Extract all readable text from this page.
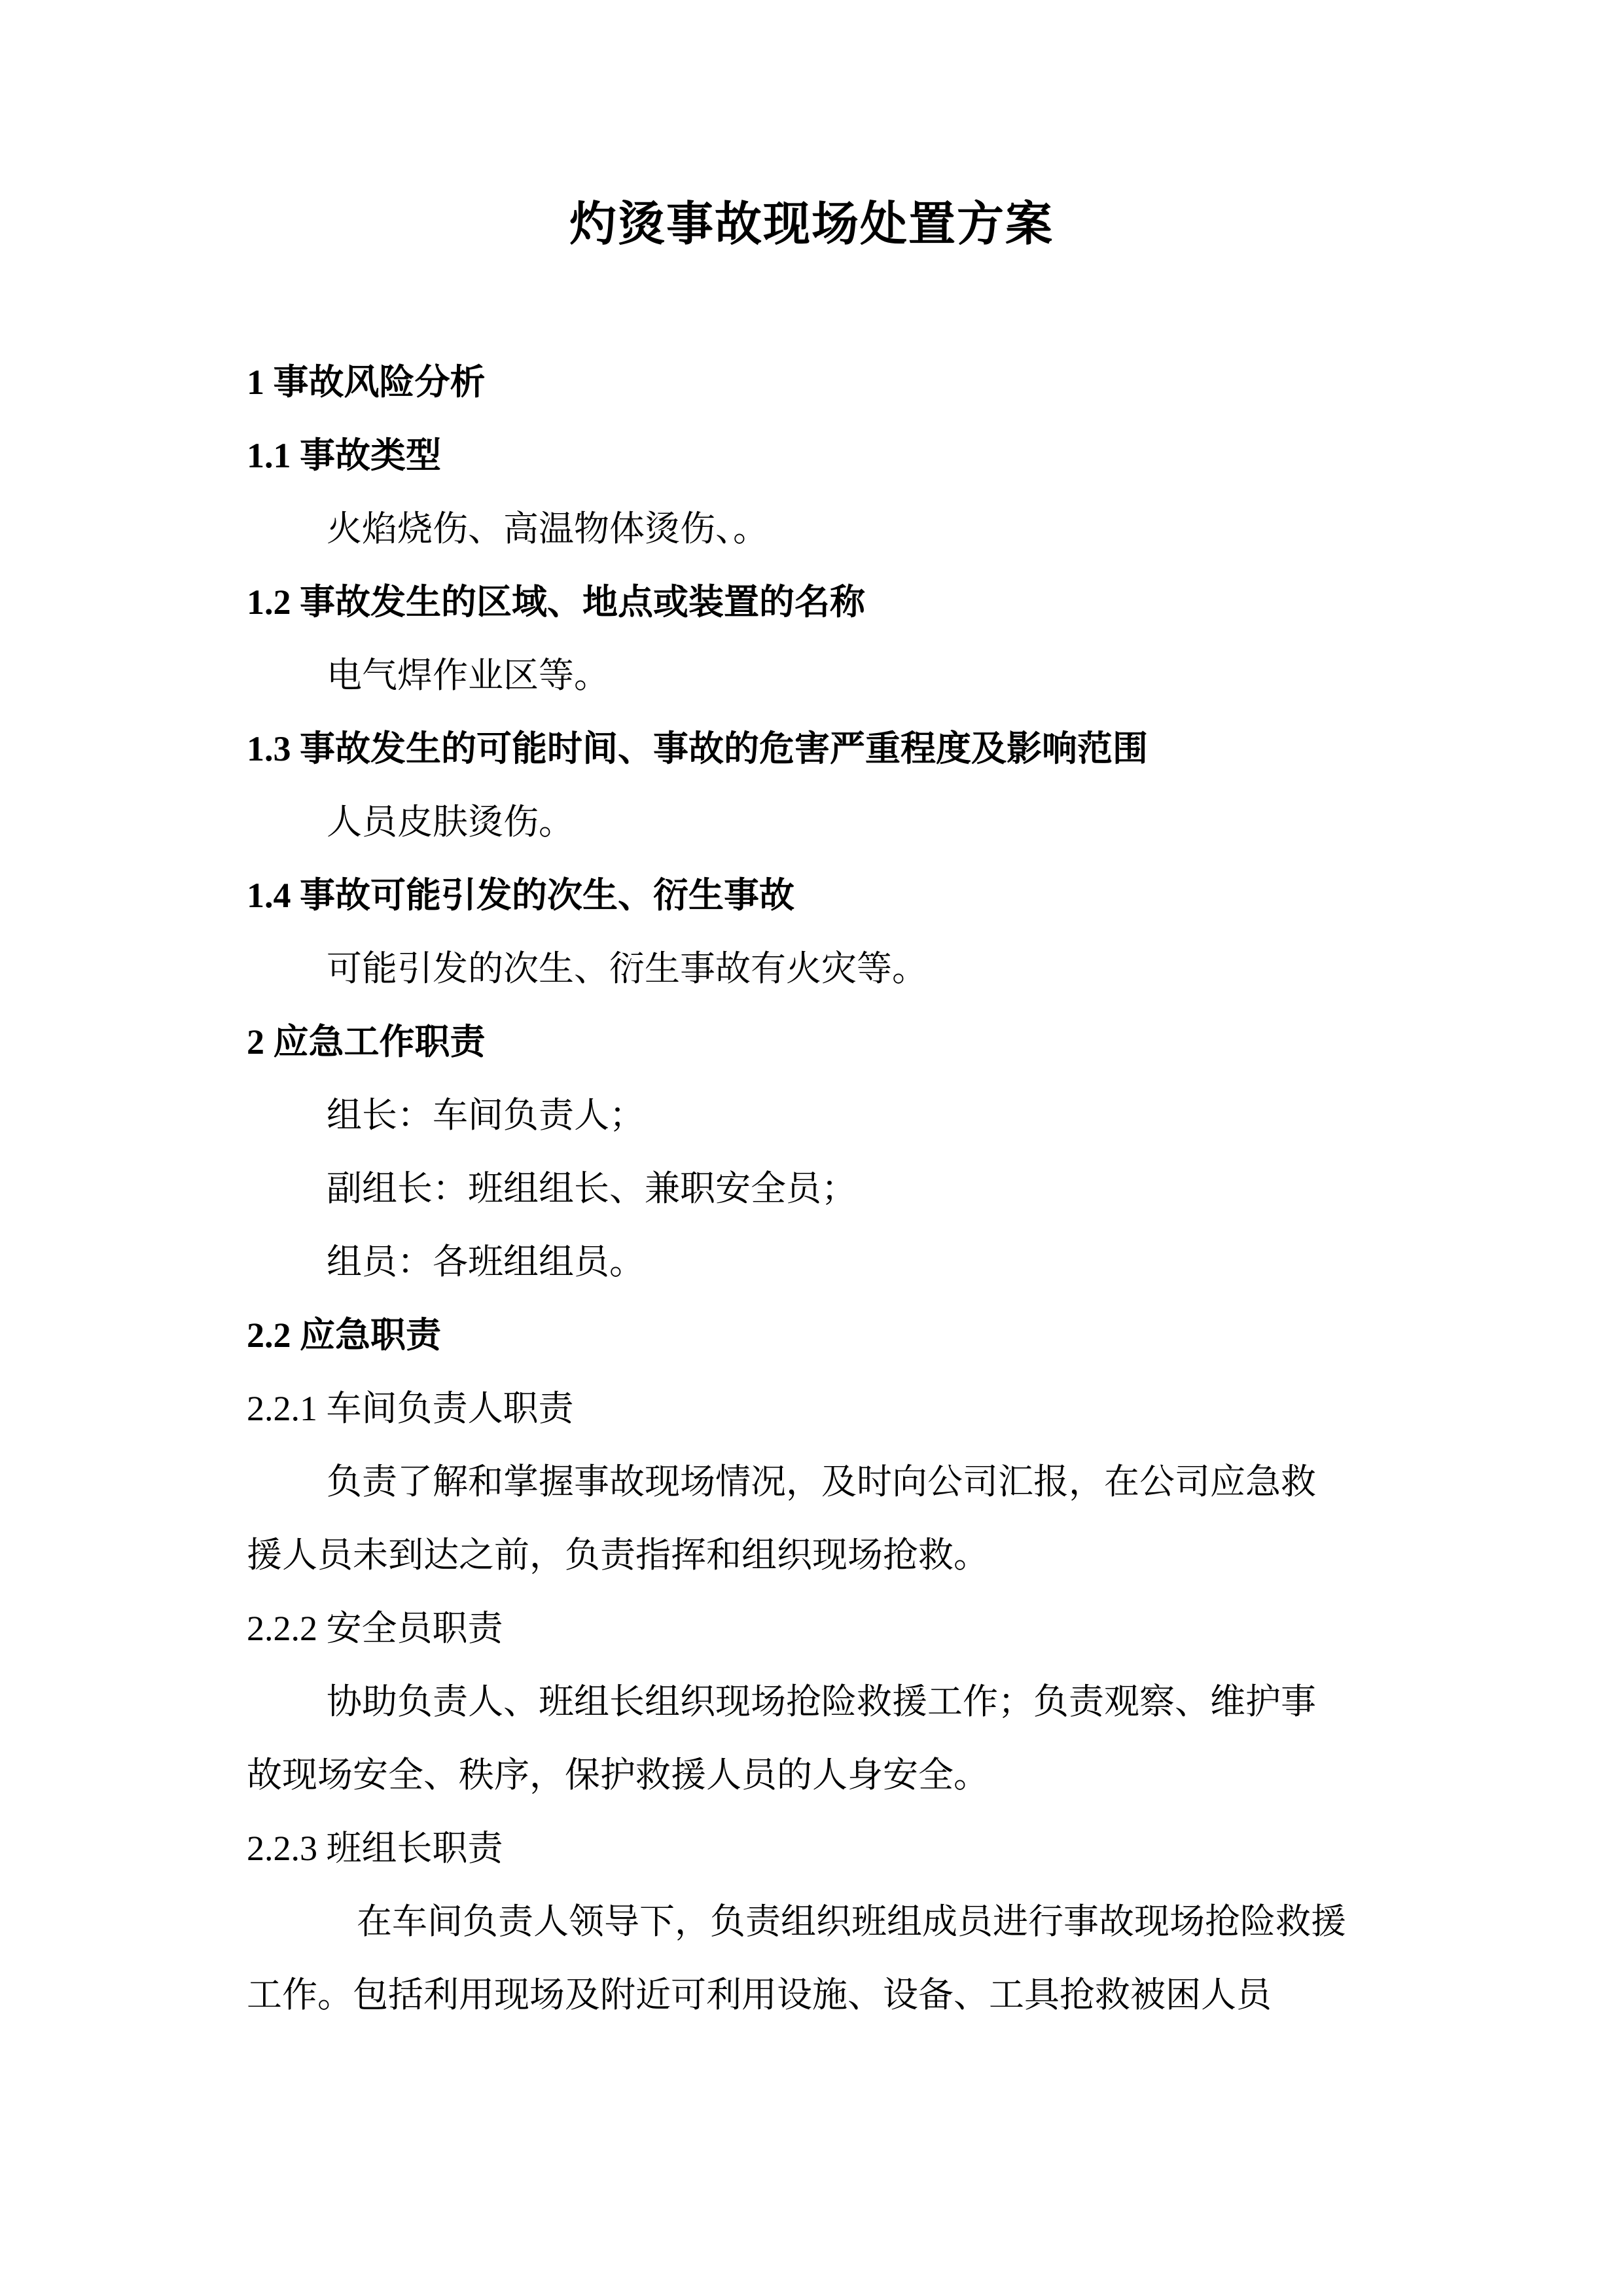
灼烫事故现场处置方案

1 事故风险分析

1.1 事故类型

火焰烧伤、高温物体烫伤、。

1.2 事故发生的区域、地点或装置的名称

电气焊作业区等。

1.3 事故发生的可能时间、事故的危害严重程度及影响范围

人员皮肤烫伤。

1.4 事故可能引发的次生、衍生事故

可能引发的次生、衍生事故有火灾等。

2 应急工作职责

组长：车间负责人；

副组长：班组组长、兼职安全员；

组员：各班组组员。

2.2 应急职责

2.2.1 车间负责人职责

负责了解和掌握事故现场情况，及时向公司汇报，在公司应急救援人员未到达之前，负责指挥和组织现场抢救。

2.2.2 安全员职责

协助负责人、班组长组织现场抢险救援工作；负责观察、维护事故现场安全、秩序，保护救援人员的人身安全。

2.2.3 班组长职责

在车间负责人领导下，负责组织班组成员进行事故现场抢险救援工作。包括利用现场及附近可利用设施、设备、工具抢救被困人员
